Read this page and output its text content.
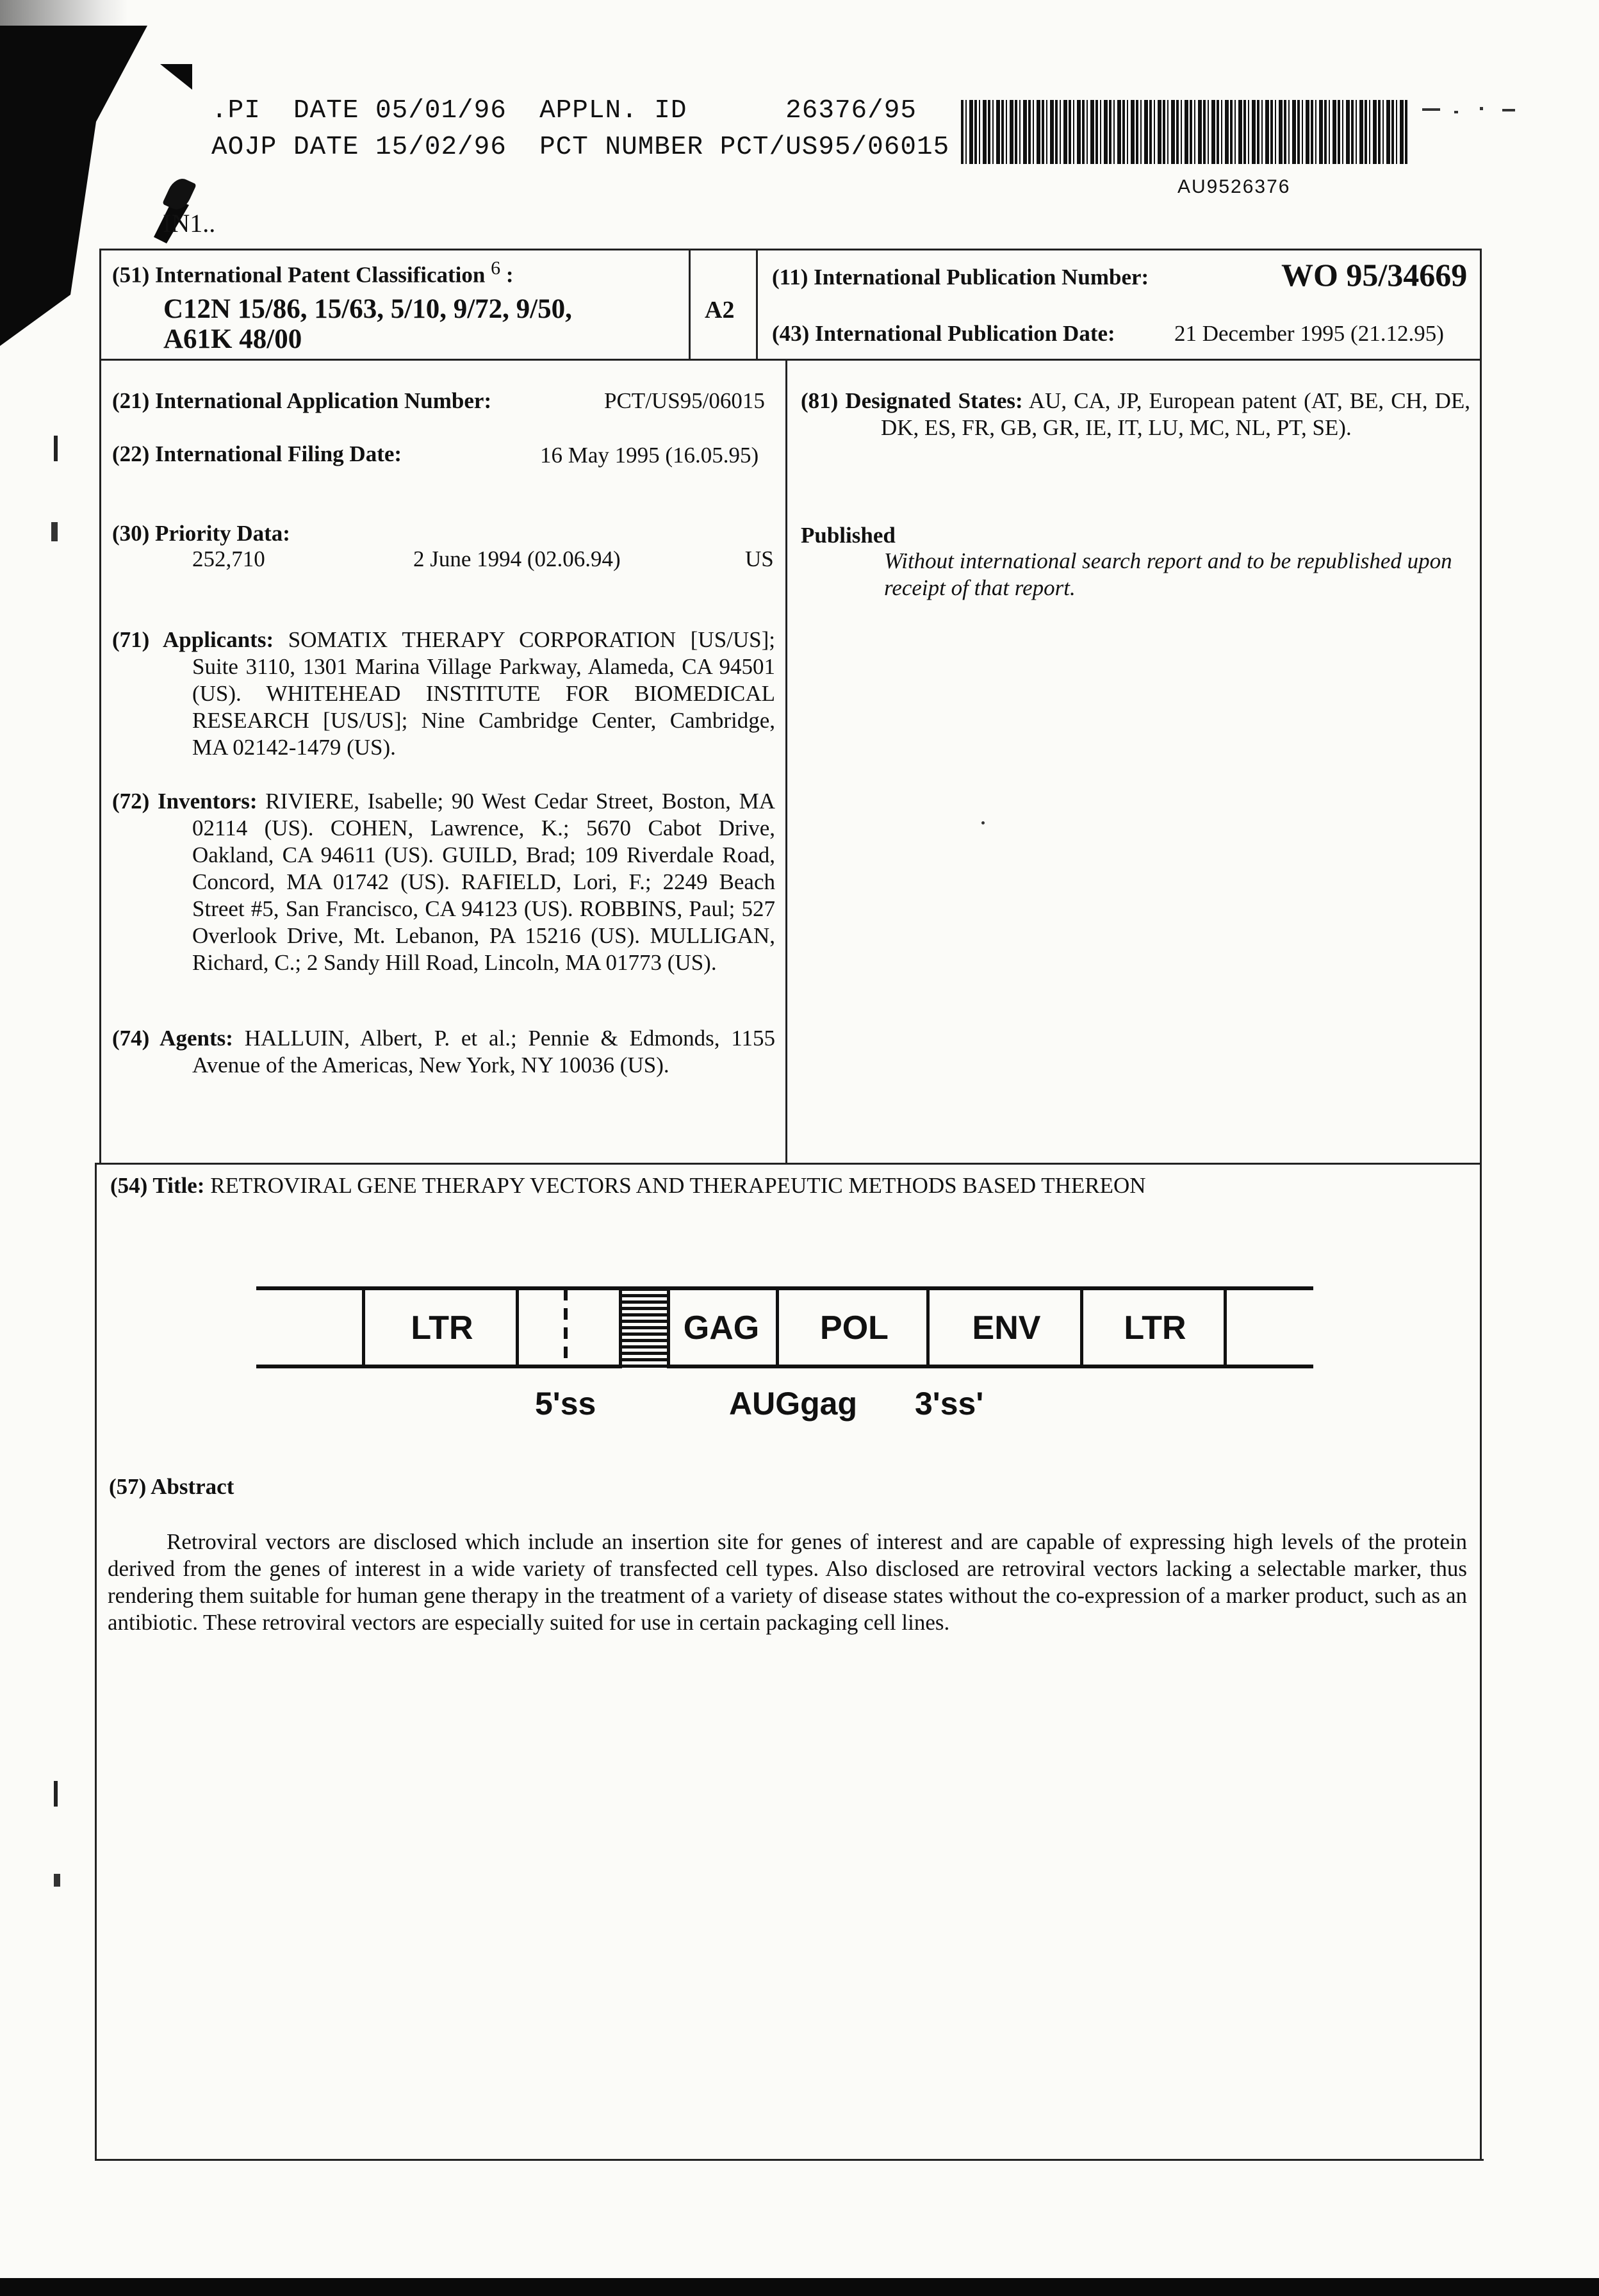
.PI  DATE 05/01/96  APPLN. ID      26376/95
AOJP DATE 15/02/96  PCT NUMBER PCT/US95/06015
AU9526376
IN1..
(51) International Patent Classification $^6$ :
C12N 15/86, 15/63, 5/10, 9/72, 9/50,
A61K 48/00
A2
(11) International Publication Number:	WO 95/34669
(43) International Publication Date:	21 December 1995 (21.12.95)
(21) International Application Number:	PCT/US95/06015
(22) International Filing Date:	16 May 1995 (16.05.95)
(30) Priority Data:
252,710	2 June 1994 (02.06.94)	US
(71) Applicants: SOMATIX THERAPY CORPORATION [US/US]; Suite 3110, 1301 Marina Village Parkway, Alameda, CA 94501 (US). WHITEHEAD INSTITUTE FOR BIOMEDICAL RESEARCH [US/US]; Nine Cambridge Center, Cambridge, MA 02142-1479 (US).
(72) Inventors: RIVIERE, Isabelle; 90 West Cedar Street, Boston, MA 02114 (US). COHEN, Lawrence, K.; 5670 Cabot Drive, Oakland, CA 94611 (US). GUILD, Brad; 109 Riverdale Road, Concord, MA 01742 (US). RAFIELD, Lori, F.; 2249 Beach Street #5, San Francisco, CA 94123 (US). ROBBINS, Paul; 527 Overlook Drive, Mt. Lebanon, PA 15216 (US). MULLIGAN, Richard, C.; 2 Sandy Hill Road, Lincoln, MA 01773 (US).
(74) Agents: HALLUIN, Albert, P. et al.; Pennie & Edmonds, 1155 Avenue of the Americas, New York, NY 10036 (US).
(81) Designated States: AU, CA, JP, European patent (AT, BE, CH, DE, DK, ES, FR, GB, GR, IE, IT, LU, MC, NL, PT, SE).
Published
Without international search report and to be republished upon receipt of that report.
(54) Title: RETROVIRAL GENE THERAPY VECTORS AND THERAPEUTIC METHODS BASED THEREON
LTR	GAG	POL	ENV	LTR
5'ss	AUGgag 3'ss'
(57) Abstract
Retroviral vectors are disclosed which include an insertion site for genes of interest and are capable of expressing high levels of the protein derived from the genes of interest in a wide variety of transfected cell types. Also disclosed are retroviral vectors lacking a selectable marker, thus rendering them suitable for human gene therapy in the treatment of a variety of disease states without the co-expression of a marker product, such as an antibiotic. These retroviral vectors are especially suited for use in certain packaging cell lines.
